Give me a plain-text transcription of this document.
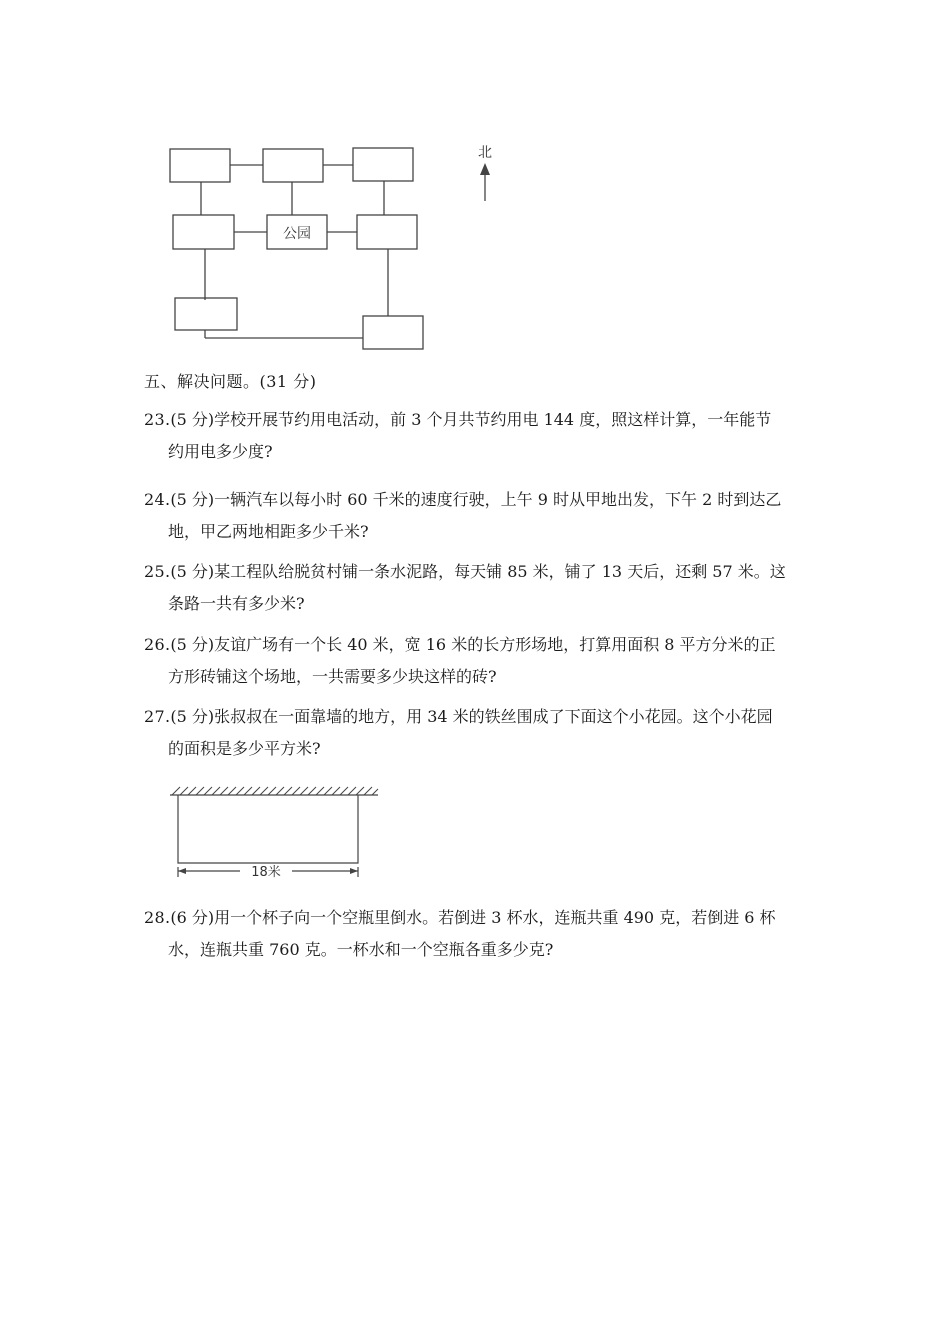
公园
北
五、解决问题。(31 分)
23.(5 分)学校开展节约用电活动，前 3 个月共节约用电 144 度，照这样计算，一年能节
约用电多少度?
24.(5 分)一辆汽车以每小时 60 千米的速度行驶，上午 9 时从甲地出发，下午 2 时到达乙
地，甲乙两地相距多少千米?
25.(5 分)某工程队给脱贫村铺一条水泥路，每天铺 85 米，铺了 13 天后，还剩 57 米。这
条路一共有多少米?
26.(5 分)友谊广场有一个长 40 米，宽 16 米的长方形场地，打算用面积 8 平方分米的正
方形砖铺这个场地，一共需要多少块这样的砖?
27.(5 分)张叔叔在一面靠墙的地方，用 34 米的铁丝围成了下面这个小花园。这个小花园
的面积是多少平方米?
18米
28.(6 分)用一个杯子向一个空瓶里倒水。若倒进 3 杯水，连瓶共重 490 克，若倒进 6 杯
水，连瓶共重 760 克。一杯水和一个空瓶各重多少克?
